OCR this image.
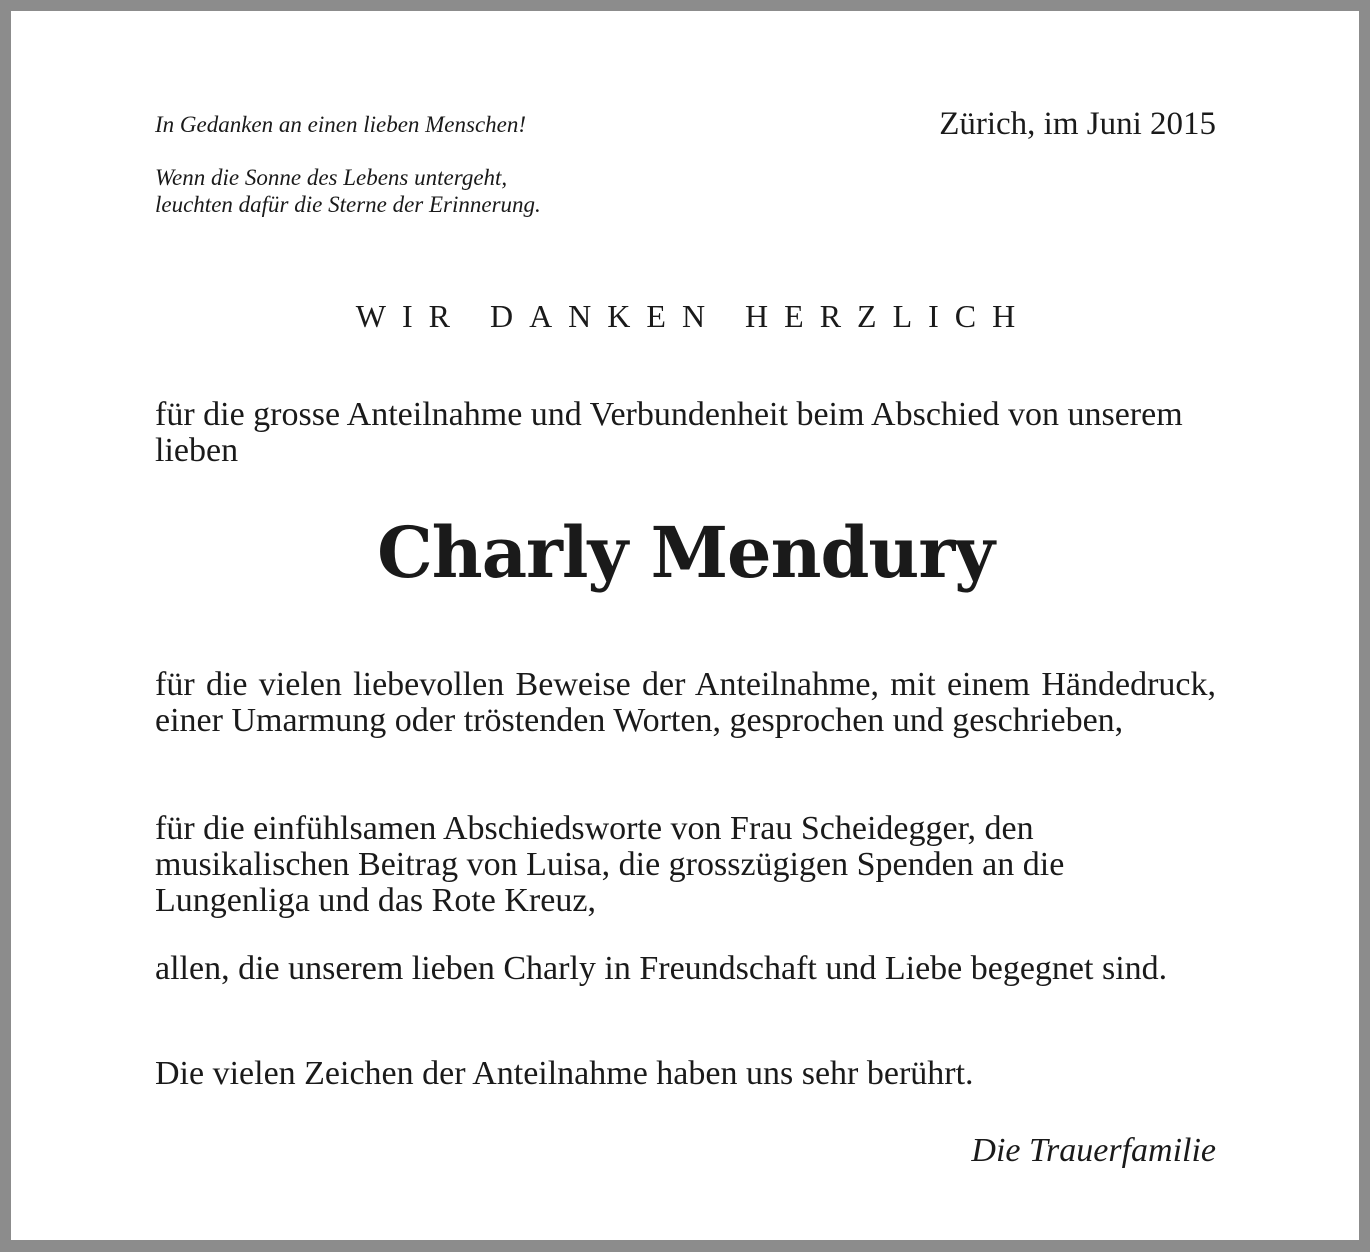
In Gedanken an einen lieben Menschen!

Wenn die Sonne des Lebens untergeht,
leuchten dafür die Sterne der Erinnerung.

Zürich, im Juni 2015
WIR DANKEN HERZLICH

für die grosse Anteilnahme und Verbundenheit beim Abschied von unserem lieben

Charly Mendury

für die vielen liebevollen Beweise der Anteilnahme, mit einem Händedruck, einer Umarmung oder tröstenden Worten, gesprochen und geschrieben,

für die einfühlsamen Abschiedsworte von Frau Scheidegger, den musikalischen Beitrag von Luisa, die grosszügigen Spenden an die Lungenliga und das Rote Kreuz,

allen, die unserem lieben Charly in Freundschaft und Liebe begegnet sind.

Die vielen Zeichen der Anteilnahme haben uns sehr berührt.

Die Trauerfamilie
